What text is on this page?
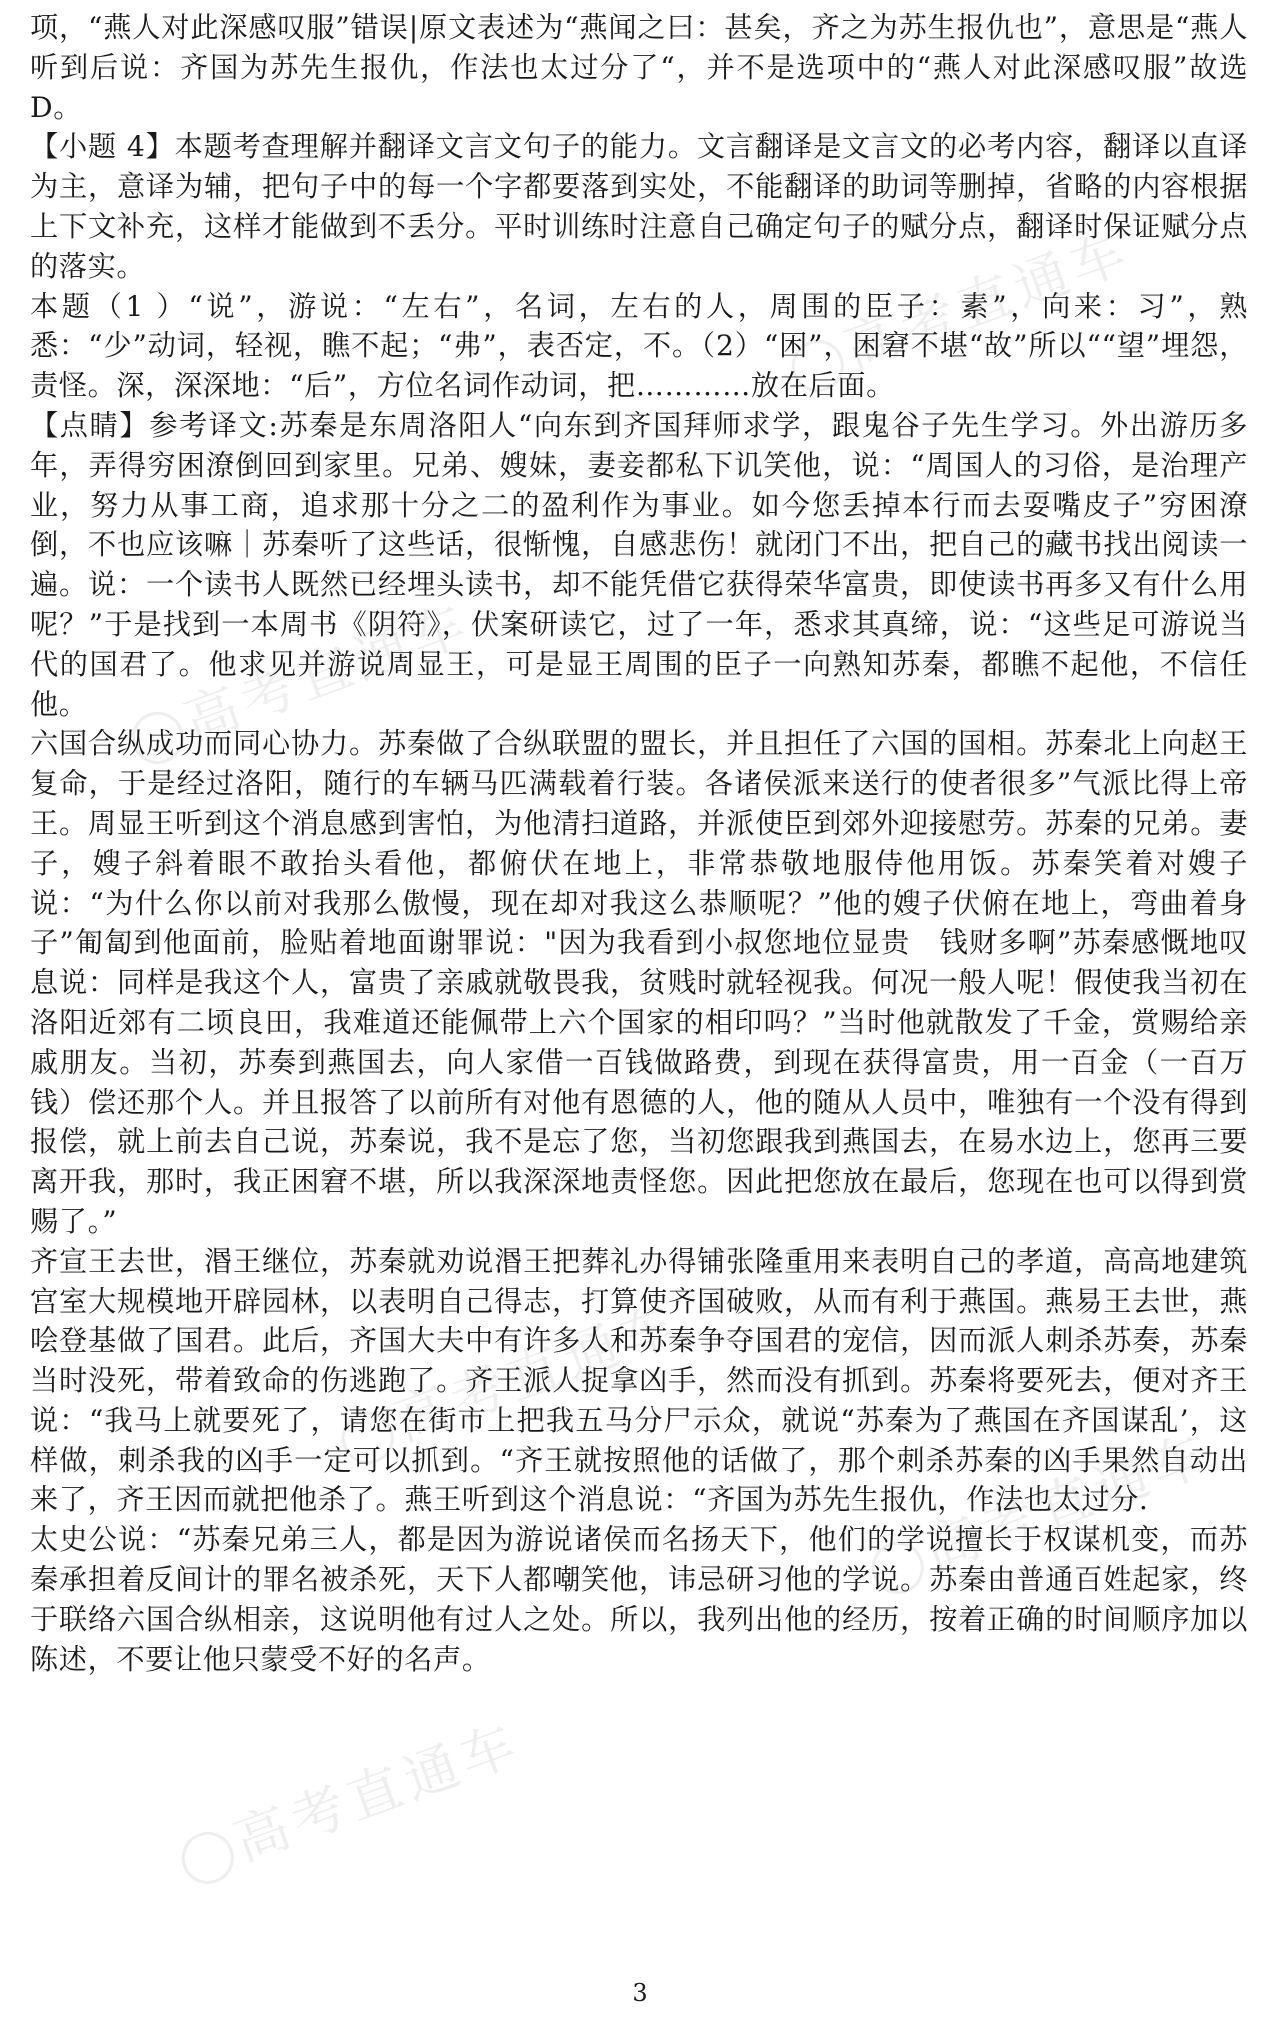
高考直通车
高考直通车
高考直通车
高考直通车
高考直通车

项，“燕人对此深感叹服”错误|原文表述为“燕闻之曰：甚矣，齐之为苏生报仇也”，意思是“燕人听到后说：齐国为苏先生报仇，作法也太过分了“，并不是选项中的“燕人对此深感叹服”故选 D。

【小题 4】本题考查理解并翻译文言文句子的能力。文言翻译是文言文的必考内容，翻译以直译为主，意译为辅，把句子中的每一个字都要落到实处，不能翻译的助词等删掉，省略的内容根据上下文补充，这样才能做到不丢分。平时训练时注意自己确定句子的赋分点，翻译时保证赋分点的落实。

本题（1 ）“说”，游说：“左右”，名词，左右的人，周围的臣子：素”，向来：习”，熟悉：“少”动词，轻视，瞧不起；“弗”，表否定，不。（2）“困”，困窘不堪“故”所以““望”埋怨，责怪。深，深深地：“后”，方位名词作动词，把…………放在后面。

【点睛】参考译文:苏秦是东周洛阳人“向东到齐国拜师求学，跟鬼谷子先生学习。外出游历多年，弄得穷困潦倒回到家里。兄弟、嫂妹，妻妾都私下讥笑他，说：“周国人的习俗，是治理产业，努力从事工商，追求那十分之二的盈利作为事业。如今您丢掉本行而去耍嘴皮子”穷困潦倒，不也应该嘛｜苏秦听了这些话，很惭愧，自感悲伤！就闭门不出，把自己的藏书找出阅读一遍。说：一个读书人既然已经埋头读书，却不能凭借它获得荣华富贵，即使读书再多又有什么用呢？”于是找到一本周书《阴符》，伏案研读它，过了一年，悉求其真缔，说：“这些足可游说当代的国君了。他求见并游说周显王，可是显王周围的臣子一向熟知苏秦，都瞧不起他，不信任他。

六国合纵成功而同心协力。苏秦做了合纵联盟的盟长，并且担任了六国的国相。苏秦北上向赵王复命，于是经过洛阳，随行的车辆马匹满载着行装。各诸侯派来送行的使者很多”气派比得上帝王。周显王听到这个消息感到害怕，为他清扫道路，并派使臣到郊外迎接慰劳。苏秦的兄弟。妻子，嫂子斜着眼不敢抬头看他，都俯伏在地上，非常恭敬地服侍他用饭。苏秦笑着对嫂子说：“为什么你以前对我那么傲慢，现在却对我这么恭顺呢？”他的嫂子伏俯在地上，弯曲着身子”匍匐到他面前，脸贴着地面谢罪说："因为我看到小叔您地位显贵　钱财多啊”苏秦感慨地叹息说：同样是我这个人，富贵了亲戚就敬畏我，贫贱时就轻视我。何况一般人呢！假使我当初在洛阳近郊有二顷良田，我难道还能佩带上六个国家的相印吗？”当时他就散发了千金，赏赐给亲戚朋友。当初，苏奏到燕国去，向人家借一百钱做路费，到现在获得富贵，用一百金（一百万钱）偿还那个人。并且报答了以前所有对他有恩德的人，他的随从人员中，唯独有一个没有得到报偿，就上前去自己说，苏秦说，我不是忘了您，当初您跟我到燕国去，在易水边上，您再三要离开我，那时，我正困窘不堪，所以我深深地责怪您。因此把您放在最后，您现在也可以得到赏赐了。”

齐宣王去世，湣王继位，苏秦就劝说湣王把葬礼办得铺张隆重用来表明自己的孝道，高高地建筑宫室大规模地开辟园林，以表明自己得志，打算使齐国破败，从而有利于燕国。燕易王去世，燕哙登基做了国君。此后，齐国大夫中有许多人和苏秦争夺国君的宠信，因而派人刺杀苏奏，苏秦当时没死，带着致命的伤逃跑了。齐王派人捉拿凶手，然而没有抓到。苏秦将要死去，便对齐王说：“我马上就要死了，请您在街市上把我五马分尸示众，就说“苏秦为了燕国在齐国谋乱’，这样做，刺杀我的凶手一定可以抓到。“齐王就按照他的话做了，那个刺杀苏秦的凶手果然自动出来了，齐王因而就把他杀了。燕王听到这个消息说：“齐国为苏先生报仇，作法也太过分.

太史公说：“苏秦兄弟三人，都是因为游说诸侯而名扬天下，他们的学说擅长于权谋机变，而苏秦承担着反间计的罪名被杀死，天下人都嘲笑他，讳忌研习他的学说。苏秦由普通百姓起家，终于联络六国合纵相亲，这说明他有过人之处。所以，我列出他的经历，按着正确的时间顺序加以陈述，不要让他只蒙受不好的名声。

3
